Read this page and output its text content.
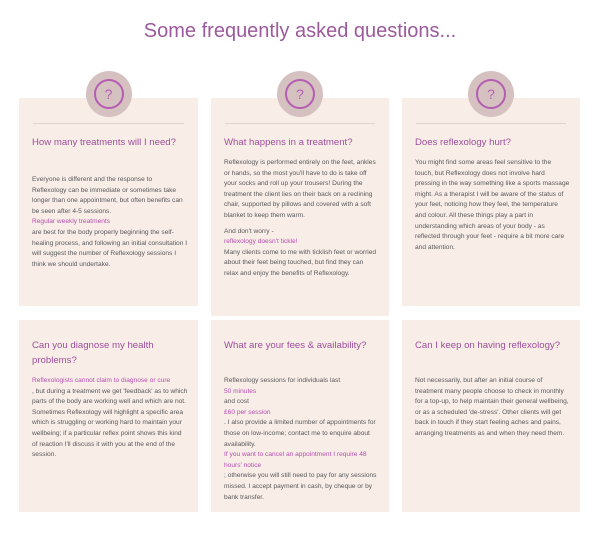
Some frequently asked questions...
?
How many treatments will I need?

Everyone is different and the response to Reflexology can be immediate or sometimes take longer than one appointment, but often benefits can be seen after 4-5 sessions.

Regular weekly treatments

are best for the body properly beginning the self-healing process, and following an initial consultation I will suggest the number of Reflexology sessions I think we should undertake.

?
What happens in a treatment?

Reflexology is performed entirely on the feet, ankles or hands, so the most you'll have to do is take off your socks and roll up your trousers! During the treatment the client lies on their back on a reclining chair, supported by pillows and covered with a soft blanket to keep them warm.

And don't worry -

reflexology doesn't tickle!

Many clients come to me with ticklish feet or worried about their feet being touched, but find they can relax and enjoy the benefits of Reflexology.

?
Does reflexology hurt?

You might find some areas feel sensitive to the touch, but Reflexology does not involve hard pressing in the way something like a sports massage might. As a therapist I will be aware of the status of your feet, noticing how they feel, the temperature and colour. All these things play a part in understanding which areas of your body - as reflected through your feet - require a bit more care and attention.

Can you diagnose my health problems?

Reflexologists cannot claim to diagnose or cure

, but during a treatment we get 'feedback' as to which parts of the body are working well and which are not. Sometimes Reflexology will highlight a specific area which is struggling or working hard to maintain your wellbeing; if a particular reflex point shows this kind of reaction I'll discuss it with you at the end of the session.

What are your fees & availability?

Reflexology sessions for individuals last

50 minutes

and cost

£60 per session

. I also provide a limited number of appointments for those on low-income; contact me to enquire about availability.

If you want to cancel an appointment I require 48 hours' notice

; otherwise you will still need to pay for any sessions missed. I accept payment in cash, by cheque or by bank transfer.

Can I keep on having reflexology?

Not necessarily, but after an initial course of treatment many people choose to check in monthly for a top-up, to help maintain their general wellbeing, or as a scheduled 'de-stress'. Other clients will get back in touch if they start feeling aches and pains, arranging treatments as and when they need them.
